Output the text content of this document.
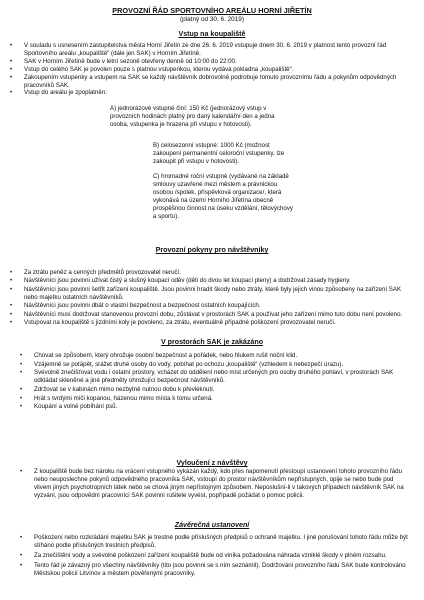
PROVOZNÍ ŘÁD SPORTOVNÍHO AREÁLU HORNÍ JIŘETÍN
(platný od 30. 6. 2019)
Vstup na koupaliště
• V souladu s usnesením zastupitelstva města Horní Jiřetín ze dne 26. 6. 2019 vstupuje dnem 30. 6. 2019 v platnost tento provozní řád Sportovního areálu „koupaliště“ (dále jen SAK) v Horním Jiřetíně.
• SAK v Horním Jiřetíně bude v letní sezoně otevřeny denně od 10:00 do 22:00.
• Vstup do celého SAK je povolen pouze s platnou vstupenkou, kterou vydává pokladna „koupaliště“.
• Zakoupením vstupenky a vstupem na SAK se každý návštěvník dobrovolně podrobuje tomuto provoznímu řádu a pokynům odpovědných pracovníků SAK.
• Vstup do areálu je zpoplatněn:
A) jednorázové vstupné činí: 150 Kč (jednorázový vstup v provozních hodinách platný pro daný kalendářní den a jedna osoba, vstupenka je hrazena při vstupu v hotovosti).
B) celosezonní vstupné: 1000 Kč (možnost zakoupení permanentní celoroční vstupenky, lze zakoupit při vstupu v hotovosti).
C) hromadné roční vstupné (vydávané na základě smlouvy uzavřené mezi městem a právnickou osobou /spolek, příspěvková organizace/, která vykonává na území Horního Jiřetína obecně prospěšnou činnost na úseku vzdělání, tělovýchovy a sportu).
Provozní pokyny pro návštěvníky
• Za ztrátu peněz a cenných předmětů provozovatel neručí.
• Návštěvníci jsou povinni užívat čistý a slušný koupací oděv (děti do dvou let koupací pleny) a dodržovat zásady hygieny.
• Návštěvníci jsou povinni šetřit zařízení koupaliště. Jsou povinni hradit škody nebo ztráty, které byly jejich vinou způsobeny na zařízení SAK nebo majetku ostatních návštěvníků.
• Návštěvníci jsou povinni dbát o vlastní bezpečnost a bezpečnost ostatních koupajících.
• Návštěvníci musí dodržovat stanovenou provozní dobu, zůstávat v prostorách SAK a používat jeho zařízení mimo tuto dobu není povoleno.
• Vstupovat na koupaliště s jízdními koly je povoleno, za ztrátu, eventuálně případné poškození provozovatel neručí.
V prostorách SAK je zakázáno
• Chovat se způsobem, který ohrožuje osobní bezpečnost a pořádek, nebo hlukem rušit noční klid.
• Vzájemně se potápět, srážet druhé osoby do vody, pobíhat po ochozu „koupaliště“ (vzhledem k nebezpečí úrazu).
• Svévolně znečišťovat vodu i ostatní prostory, vcházet do oddělení nebo míst určených pro osoby druhého pohlaví, v prostorách SAK odkládat skleněné a jiné předměty ohrožující bezpečnost návštěvníků.
• Zdržovat se v kabinách mimo nezbytně nutnou dobu k převléknutí.
• Hrát s tvrdými míči kopanou, házenou mimo místa k tomu určená.
• Koupání a volné pobíhání psů.
Vyloučení z návštěvy
• Z koupaliště bude bez nároku na vrácení vstupného vykázán každý, kdo přes napomenutí přestoupí ustanovení tohoto provozního řádu nebo neuposlechne pokynů odpovědného pracovníka SAK, vstoupí do prostor návštěvníkům nepřístupných, opije se nebo bude pod vlivem jiných psychotropních látek nebo se chová jiným nepřístojným způsobem. Neposlušní-li v takových případech návštěvník SAK na vyzvání, jsou odpovědní pracovníci SAK povinni rušitele vyvést, popřípadě požádat o pomoc policii.
Závěrečná ustanovení
• Poškození nebo rozkrádání majetku SAK je trestné podle příslušných předpisů o ochraně majetku. I jiné porušování tohoto řádu může být stíháno podle příslušných trestních předpisů.
• Za znečištění vody a svévolné poškození zařízení koupaliště bude od viníka požadována náhrada vzniklé škody v plném rozsahu.
• Tento řád je závazný pro všechny návštěvníky (tito jsou povinni se s ním seznámit). Dodržování provozního řádu SAK bude kontrolováno Městskou policií Litvínov a městem pověřenými pracovníky.
